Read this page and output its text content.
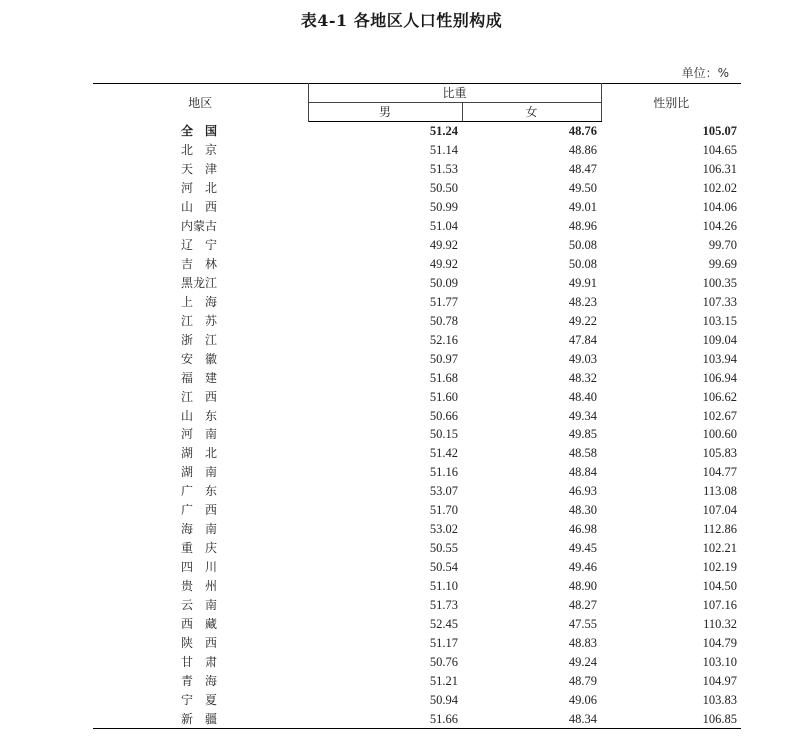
表4-1 各地区人口性别构成
单位：%
地区	比重		性别比
	男	女	
全　国	51.24	48.76	105.07
北　京	51.14	48.86	104.65
天　津	51.53	48.47	106.31
河　北	50.50	49.50	102.02
山　西	50.99	49.01	104.06
内蒙古	51.04	48.96	104.26
辽　宁	49.92	50.08	99.70
吉　林	49.92	50.08	99.69
黑龙江	50.09	49.91	100.35
上　海	51.77	48.23	107.33
江　苏	50.78	49.22	103.15
浙　江	52.16	47.84	109.04
安　徽	50.97	49.03	103.94
福　建	51.68	48.32	106.94
江　西	51.60	48.40	106.62
山　东	50.66	49.34	102.67
河　南	50.15	49.85	100.60
湖　北	51.42	48.58	105.83
湖　南	51.16	48.84	104.77
广　东	53.07	46.93	113.08
广　西	51.70	48.30	107.04
海　南	53.02	46.98	112.86
重　庆	50.55	49.45	102.21
四　川	50.54	49.46	102.19
贵　州	51.10	48.90	104.50
云　南	51.73	48.27	107.16
西　藏	52.45	47.55	110.32
陕　西	51.17	48.83	104.79
甘　肃	50.76	49.24	103.10
青　海	51.21	48.79	104.97
宁　夏	50.94	49.06	103.83
新　疆	51.66	48.34	106.85
